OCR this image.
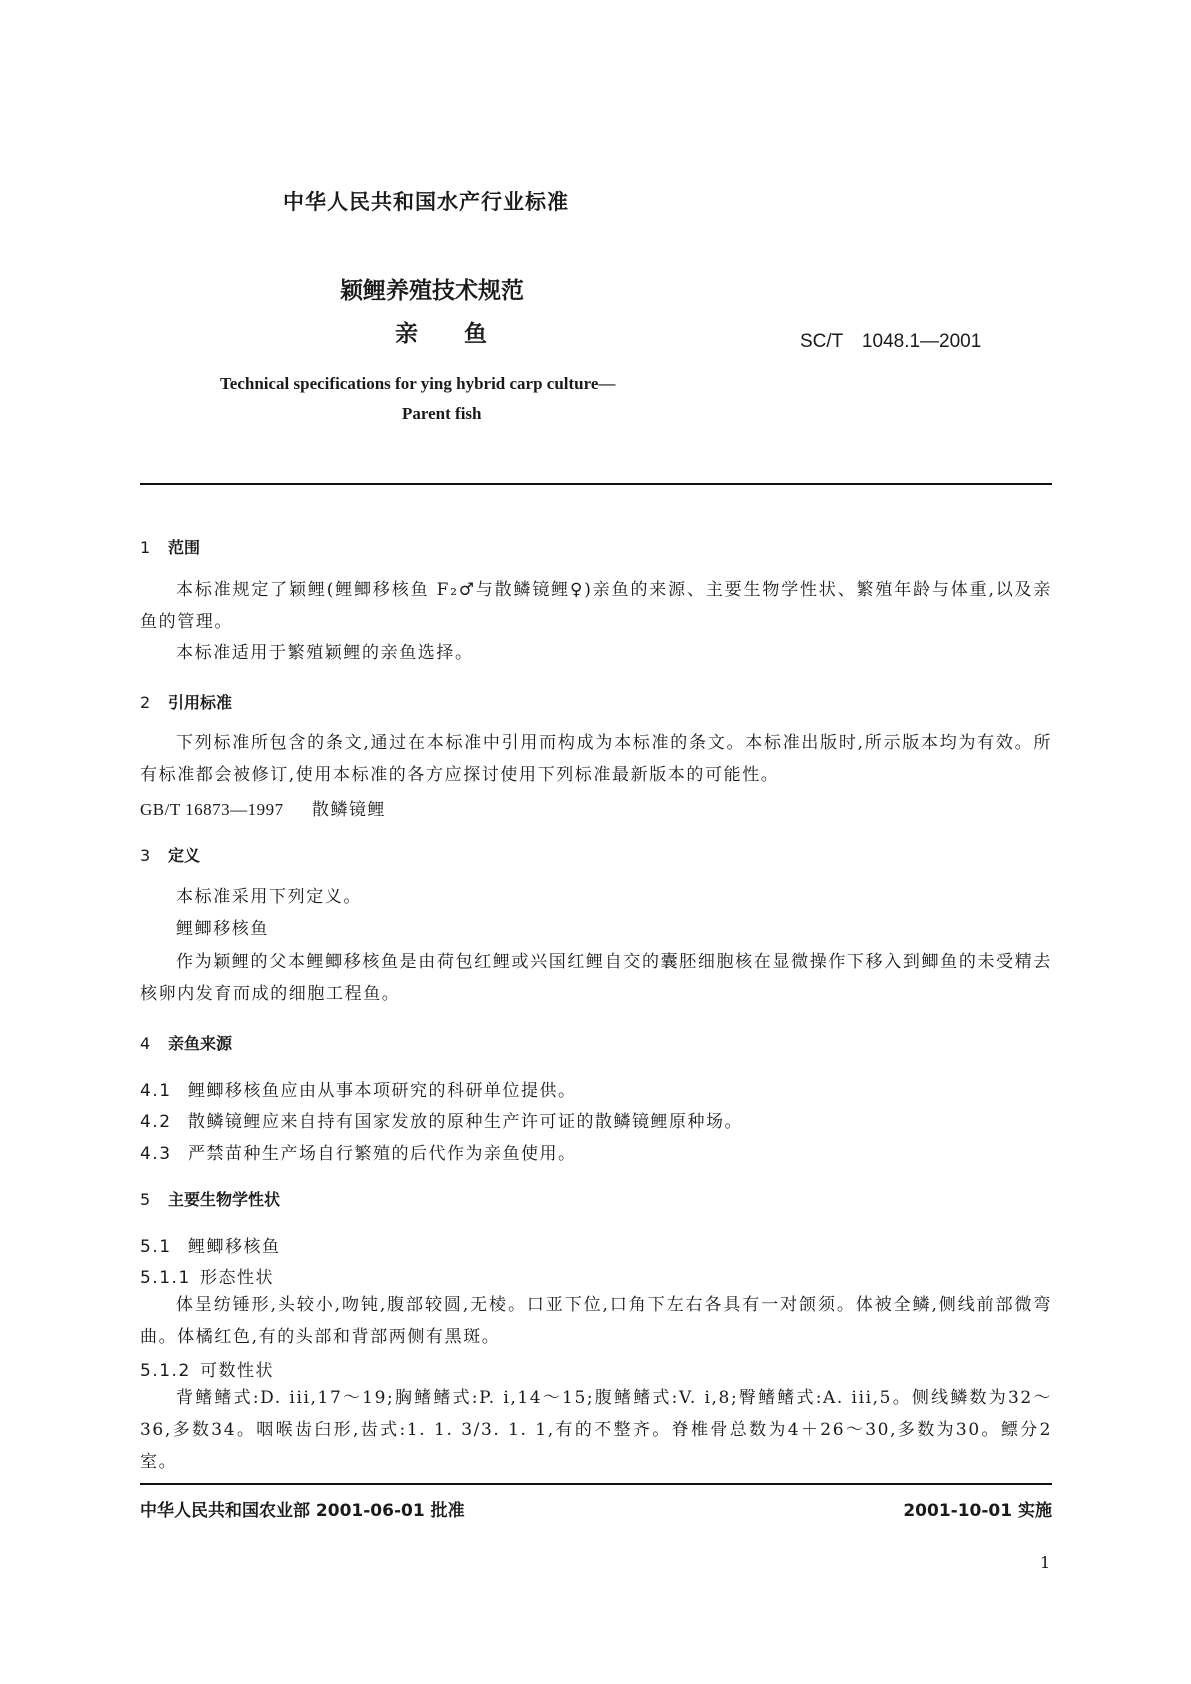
中华人民共和国水产行业标准
颖鲤养殖技术规范
亲　　鱼	SC/T　1048.1—2001
Technical specifications for ying hybrid carp culture—
Parent fish
1 范围
本标准规定了颖鲤(鲤鲫移核鱼 F₂♂与散鳞镜鲤♀)亲鱼的来源、主要生物学性状、繁殖年龄与体重,以及亲鱼的管理。
本标准适用于繁殖颖鲤的亲鱼选择。
2 引用标准
下列标准所包含的条文,通过在本标准中引用而构成为本标准的条文。本标准出版时,所示版本均为有效。所有标准都会被修订,使用本标准的各方应探讨使用下列标准最新版本的可能性。
GB/T 16873—1997 散鳞镜鲤
3 定义
本标准采用下列定义。
鲤鲫移核鱼
作为颖鲤的父本鲤鲫移核鱼是由荷包红鲤或兴国红鲤自交的囊胚细胞核在显微操作下移入到鲫鱼的未受精去核卵内发育而成的细胞工程鱼。
4 亲鱼来源
4.1 鲤鲫移核鱼应由从事本项研究的科研单位提供。
4.2 散鳞镜鲤应来自持有国家发放的原种生产许可证的散鳞镜鲤原种场。
4.3 严禁苗种生产场自行繁殖的后代作为亲鱼使用。
5 主要生物学性状
5.1 鲤鲫移核鱼
5.1.1 形态性状
体呈纺锤形,头较小,吻钝,腹部较圆,无棱。口亚下位,口角下左右各具有一对颌须。体被全鳞,侧线前部微弯曲。体橘红色,有的头部和背部两侧有黑斑。
5.1.2 可数性状
背鳍鳍式:D. iii,17～19;胸鳍鳍式:P. i,14～15;腹鳍鳍式:V. i,8;臀鳍鳍式:A. iii,5。侧线鳞数为32～36,多数34。咽喉齿臼形,齿式:1. 1. 3/3. 1. 1,有的不整齐。脊椎骨总数为4＋26～30,多数为30。鳔分2室。
中华人民共和国农业部 2001-06-01 批准	2001-10-01 实施
1
